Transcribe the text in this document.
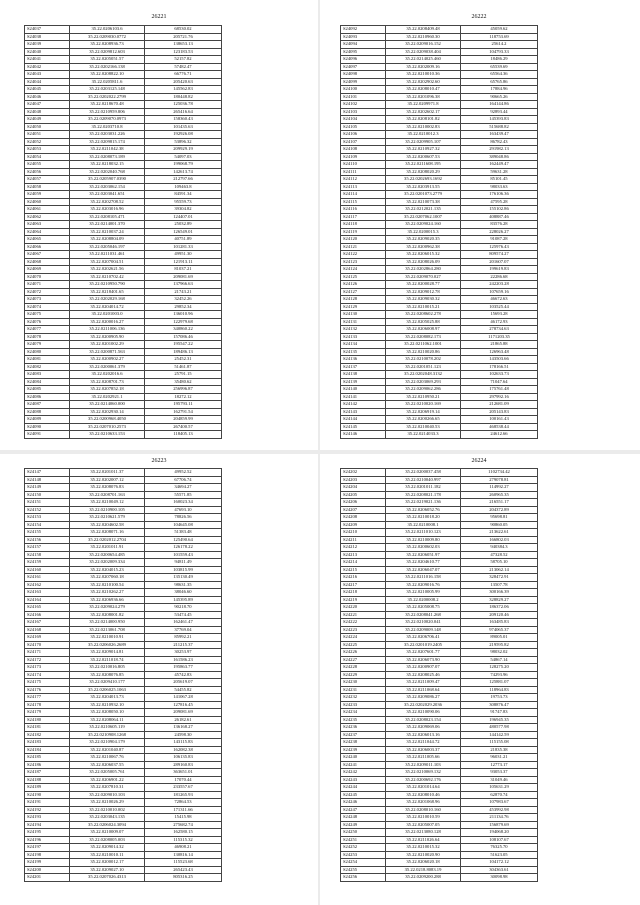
26221
S24037	35.22.0206103.6	68530.02
S24038	35.22.0209030.0772	205721.76
S24039	35.22.0208936.73	138653.13
S24040	35.22.0209812.603	123183.53
S24041	35.22.0205051.57	52157.82
S24042	35.22.0202166.138	57482.47
S24043	35.22.0208822.10	66776.71
S24044	35.22.0205811.6	205420.63
S24045	35.22.0203125.148	145562.83
S24046	35.22.0202022.2799	180448.82
S24047	35.22.0218670.48	125036.78
S24048	35.22.0210959.806	265416.64
S24049	35.22.0209070.0973	158360.43
S24050	35.22.0203710.8	101435.63
S24051	35.22.0203031.226	192926.08
S24052	35.22.0209815.174	53896.32
S24053	35.22.0211042.38	209929.19
S24054	35.22.0208073.189	54097.03
S24055	35.22.0218032.15	199068.79
S24056	35.22.0202040.768	142613.74
S24057	35.22.0205907.0390	212797.66
S24058	35.22.0203062.154	109463.8
S24059	35.22.0203041.651	84591.34
S24060	35.22.0202708.52	95559.73
S24061	35.22.0203016.96	39304.82
S24062	35.22.0208105.471	124407.01
S24063	35.22.0214001.370	25032.89
S24064	35.22.0210037.24	126549.01
S24065	35.22.0208804.09	40751.89
S24066	35.22.0205046.197	101281.33
S24067	35.22.0211031.461	49951.30
S24068	35.22.0207004.51	121913.11
S24069	35.22.0202621.56	81037.21
S24070	35.22.0210702.42	209081.69
S24071	35.22.0210950.790	137966.63
S24072	35.22.0218401.65	21743.21
S24073	35.22.0202029.168	32452.26
S24074	35.22.0204014.72	29852.34
S24075	35.22.0201003.0	136010.96
S24076	35.22.0200016.27	122979.68
S24077	35.22.0211006.136	340860.22
S24078	35.22.0200905.90	157086.46
S24079	35.22.0201002.29	195547.22
S24080	35.22.0200871.563	189486.13
S24081	35.22.0200902.27	25452.31
S24082	35.22.0200061.379	51461.87
S24083	35.22.0202016.6	25791.15
S24084	35.22.0208701.73	35480.62
S24085	35.22.0207852.18	256996.87
S24086	35.22.0202921.1	18272.12
S24087	35.22.0214060.000	195793.11
S24088	35.22.0202930.14	162791.54
S24089	35.22.0200968.4050	204859.99
S24090	35.22.0207010.2573	267400.57
S24091	35.22.0210633.153	118405.13
26222
S24092	35.22.0208409.48	45059.62
S24093	35.22.0210960.30	118753.69
S24094	35.22.0209016.152	25614.2
S24095	35.22.0209038.404	104793.33
S24096	35.22.0214025.460	18486.29
S24097	35.22.0202009.16	65539.69
S24098	35.22.0210010.36	65564.36
S24099	35.22.0202902.60	65765.86
S24100	35.22.0208010.47	17884.96
S24101	35.22.0201096.38	90665.26
S24102	35.22.0209971.8	164144.86
S24103	35.22.0202602.17	92893.44
S24104	35.22.0208101.82	145393.83
S24105	35.22.0210002.83	515688.82
S24106	35.22.0210012.3	163439.47
S24107	35.22.0209905.107	86782.43
S24108	35.22.0210927.32	291982.13
S24109	35.22.0200607.53	389048.86
S24110	35.22.0211608.195	162449.47
S24111	35.22.0208020.29	59631.28
S24112	35.22.0202693.1692	85101.45
S24113	35.22.0203913.55	98033.63
S24114	35.22.0201073.2779	176106.36
S24115	35.22.0210073.38	47595.28
S24116	35.22.0212021.135	155102.86
S24117	35.22.0207062.1007	408887.46
S24118	35.22.0209024.160	83576.28
S24119	35.22.0200015.3	228026.27
S24120	35.22.0209020.35	91087.28
S24121	35.22.0200962.38	125976.43
S24122	35.22.0206015.32	809574.27
S24123	35.22.0208026.09	201607.07
S24124	35.22.0202864.280	199619.83
S24125	35.22.0209070.027	22286.68
S24126	35.22.0200028.77	242203.28
S24127	35.22.0209012.78	107659.16
S24128	35.22.0209030.32	46672.63
S24129	35.22.0210015.21	103525.44
S24130	35.22.0208602.278	15693.28
S24131	35.22.0205025.88	46172.93
S24132	35.22.0206008.97	278734.63
S24133	35.22.0208082.173	1171203.35
S24134	35.22.0211062.1001	21865.88
S24135	35.22.0210020.86	126963.48
S24136	35.22.0210078.202	143503.66
S24137	35.22.0201051.123	178166.51
S24138	35.22.0202048.3132	102633.73
S24139	35.22.0203069.293	71047.64
S24140	35.22.0209062.286	175761.48
S24141	35.22.0210950.21	297992.16
S24142	35.22.0210020.169	212681.09
S24143	35.22.0206919.14	205143.83
S24144	35.22.0200266.65	100161.43
S24145	35.22.0210040.53	468538.44
S24146	35.22.0214033.3	24612.66
26223
S24147	35.22.0201011.37	49952.52
S24148	35.22.0202007.12	67706.74
S24149	35.22.0208076.83	34694.27
S24150	35.22.0208701.163	55571.85
S24151	35.22.0210049.12	160023.34
S24152	35.22.0210900.105	47693.10
S24153	35.22.0210621.579	78826.56
S24154	35.22.0204602.58	104645.08
S24155	35.22.0208071.16	51383.48
S24156	35.22.0202012.2704	125490.64
S24157	35.22.0201011.91	126178.22
S24158	35.22.0200654.485	101559.43
S24159	35.22.0202009.334	94811.49
S24160	35.22.0204015.23	103815.99
S24161	35.22.0207060.18	135130.49
S24162	35.22.0210100.54	98631.35
S24163	35.22.0210262.27	38046.60
S24164	35.22.0206936.66	145395.89
S24165	35.22.0209024.279	90218.70
S24166	35.22.0208001.82	53474.45
S24167	35.22.0214000.950	162461.47
S24168	35.22.0213061.708	37769.04
S24169	35.22.0210010.91	85992.21
S24170	35.22.0206026.2689	211215.37
S24171	35.22.0209014.81	30253.97
S24172	35.22.0211018.74	161586.23
S24173	35.22.0210016.805	195863.77
S24174	35.22.0208076.85	45742.83
S24175	35.22.0209410.177	205619.07
S24176	35.22.0206025.1063	54455.82
S24177	35.22.0204013.73	141067.28
S24178	35.22.0210932.10	127816.45
S24179	35.22.0208050.10	209081.69
S24180	35.22.0208064.11	26182.61
S24181	35.22.0210605.119	136168.27
S24182	35.22.0210908.1268	24598.30
S24183	35.22.0210904.179	143115.83
S24184	35.22.0201040.87	162082.38
S24185	35.22.0210067.76	106135.83
S24186	35.22.0206037.55	289160.83
S24187	35.22.0205005.761	363651.01
S24188	35.22.0206901.22	17070.44
S24189	35.22.0207810.31	233557.67
S24190	35.22.0209010.103	181265.93
S24191	35.22.0210026.29	72864.53
S24192	35.22.0210010.002	171311.66
S24193	35.22.0203043.135	15415.98
S24194	35.22.0206024.3094	275682.74
S24195	35.22.0210009.07	162580.15
S24196	35.22.0208005.003	115315.32
S24197	35.22.0209014.32	46908.21
S24198	35.22.0210010.11	130816.14
S24199	35.22.0200012.17	115523.68
S24200	35.22.0209027.10	265423.43
S24201	35.22.0207026.4313	805316.25
26224
S24202	35.22.0200037.458	1102734.42
S24203	35.22.0210040.997	279078.81
S24204	35.22.0201011.182	114992.27
S24205	35.22.0208021.178	260965.35
S24206	35.22.0219021.136	216551.17
S24207	35.22.0206052.76	204372.89
S24208	35.22.0210018.20	95698.81
S24209	35.22.0210008.1	90860.05
S24210	35.22.0211010.123	213622.61
S24211	35.22.0210009.80	166802.03
S24212	35.22.0200602.03	940384.3
S24213	35.22.0206051.97	47328.52
S24214	35.22.0204610.77	58705.10
S24215	35.22.0206047.07	213062.14
S24216	35.22.0211016.158	328472.91
S24217	35.22.0209016.76	13507.78
S24218	35.22.0210005.99	300166.39
S24219	35.22.0200008.2	328829.27
S24220	35.22.0205008.75	186372.06
S24221	35.22.0208041.268	209120.46
S24222	35.22.0210020.041	163485.83
S24223	35.22.0209009.148	974065.37
S24224	35.22.0206706.41	89005.01
S24225	35.22.0201019.2405	219595.82
S24226	35.22.0207601.77	98032.02
S24227	35.22.0206073.90	54867.14
S24228	35.22.0200907.07	128275.20
S24229	35.22.0208025.46	74293.96
S24230	35.22.0211009.47	125881.07
S24231	35.22.0211068.64	118964.83
S24232	35.22.0209086.27	19753.73
S24233	35.22.0202029.2036	308876.47
S24234	35.22.0210090.06	91747.83
S24235	35.22.0208023.154	196945.35
S24236	35.22.0209069.06	480577.98
S24237	35.22.0206013.16	144142.59
S24238	35.22.0211044.72	115155.08
S24239	35.22.0206003.37	21835.38
S24240	35.22.0211005.66	96031.21
S24241	35.22.0209011.103	12773.17
S24242	35.22.0210069.132	93053.37
S24243	35.22.0200692.176	31049.46
S24244	35.22.0201014.64	105631.29
S24245	35.22.0208010.46	62870.74
S24246	35.22.0201068.96	107983.67
S24247	35.22.0208010.160	453992.98
S24248	35.22.0210010.59	211134.76
S24249	35.22.0205007.05	156879.69
S24250	35.22.0213080.128	194068.20
S24251	35.22.0211026.64	108107.67
S24252	35.22.0210015.32	76325.70
S24253	35.22.0210020.90	51623.05
S24254	35.22.0206020.18	104172.12
S24255	35.22.0218.8083.19	304363.61
S24256	35.22.0209200.288	30098.98
